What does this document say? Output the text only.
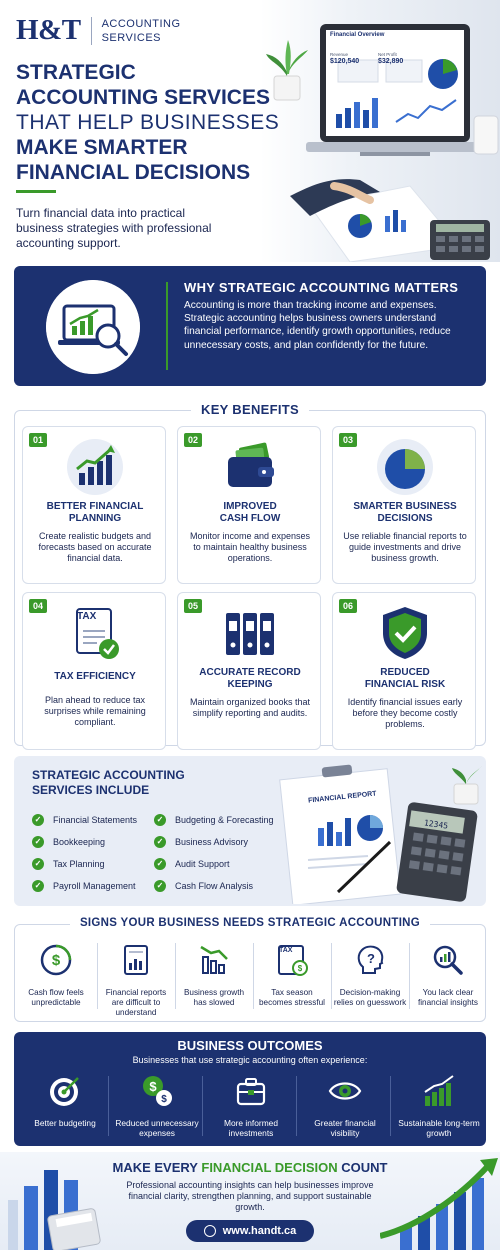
H&T ACCOUNTING
SERVICES
STRATEGIC
ACCOUNTING SERVICES
THAT HELP BUSINESSES
MAKE SMARTER
FINANCIAL DECISIONS
Turn financial data into practical business strategies with professional accounting support.
Financial Overview
Revenue
$120,540
Net Profit
$32,890
WHY STRATEGIC ACCOUNTING MATTERS
Accounting is more than tracking income and expenses. Strategic accounting helps business owners understand financial performance, identify growth opportunities, reduce unnecessary costs, and plan confidently for the future.
KEY BENEFITS
01
BETTER FINANCIAL
PLANNING
Create realistic budgets and forecasts based on accurate financial data.
02
IMPROVED
CASH FLOW
Monitor income and expenses to maintain healthy business operations.
03
SMARTER BUSINESS
DECISIONS
Use reliable financial reports to guide investments and drive business growth.
04
TAX
TAX EFFICIENCY
Plan ahead to reduce tax surprises while remaining compliant.
05
ACCURATE RECORD
KEEPING
Maintain organized books that simplify reporting and audits.
06
REDUCED
FINANCIAL RISK
Identify financial issues early before they become costly problems.
STRATEGIC ACCOUNTING
SERVICES INCLUDE
✓ Financial Statements
✓ Bookkeeping
✓ Tax Planning
✓ Payroll Management
✓ Budgeting & Forecasting
✓ Business Advisory
✓ Audit Support
✓ Cash Flow Analysis
FINANCIAL REPORT
12345
$
Cash flow feels unpredictable
Financial reports are difficult to understand
Business growth has slowed
$
TAX
Tax season becomes stressful
?
Decision-making relies on guesswork
You lack clear financial insights
SIGNS YOUR BUSINESS NEEDS STRATEGIC ACCOUNTING
BUSINESS OUTCOMES
Businesses that use strategic accounting often experience:
Better budgeting
$
$
Reduced unnecessary expenses
More informed investments
Greater financial visibility
Sustainable long-term growth
MAKE EVERY FINANCIAL DECISION COUNT
Professional accounting insights can help businesses improve financial clarity, strengthen planning, and support sustainable growth.
www.handt.ca
